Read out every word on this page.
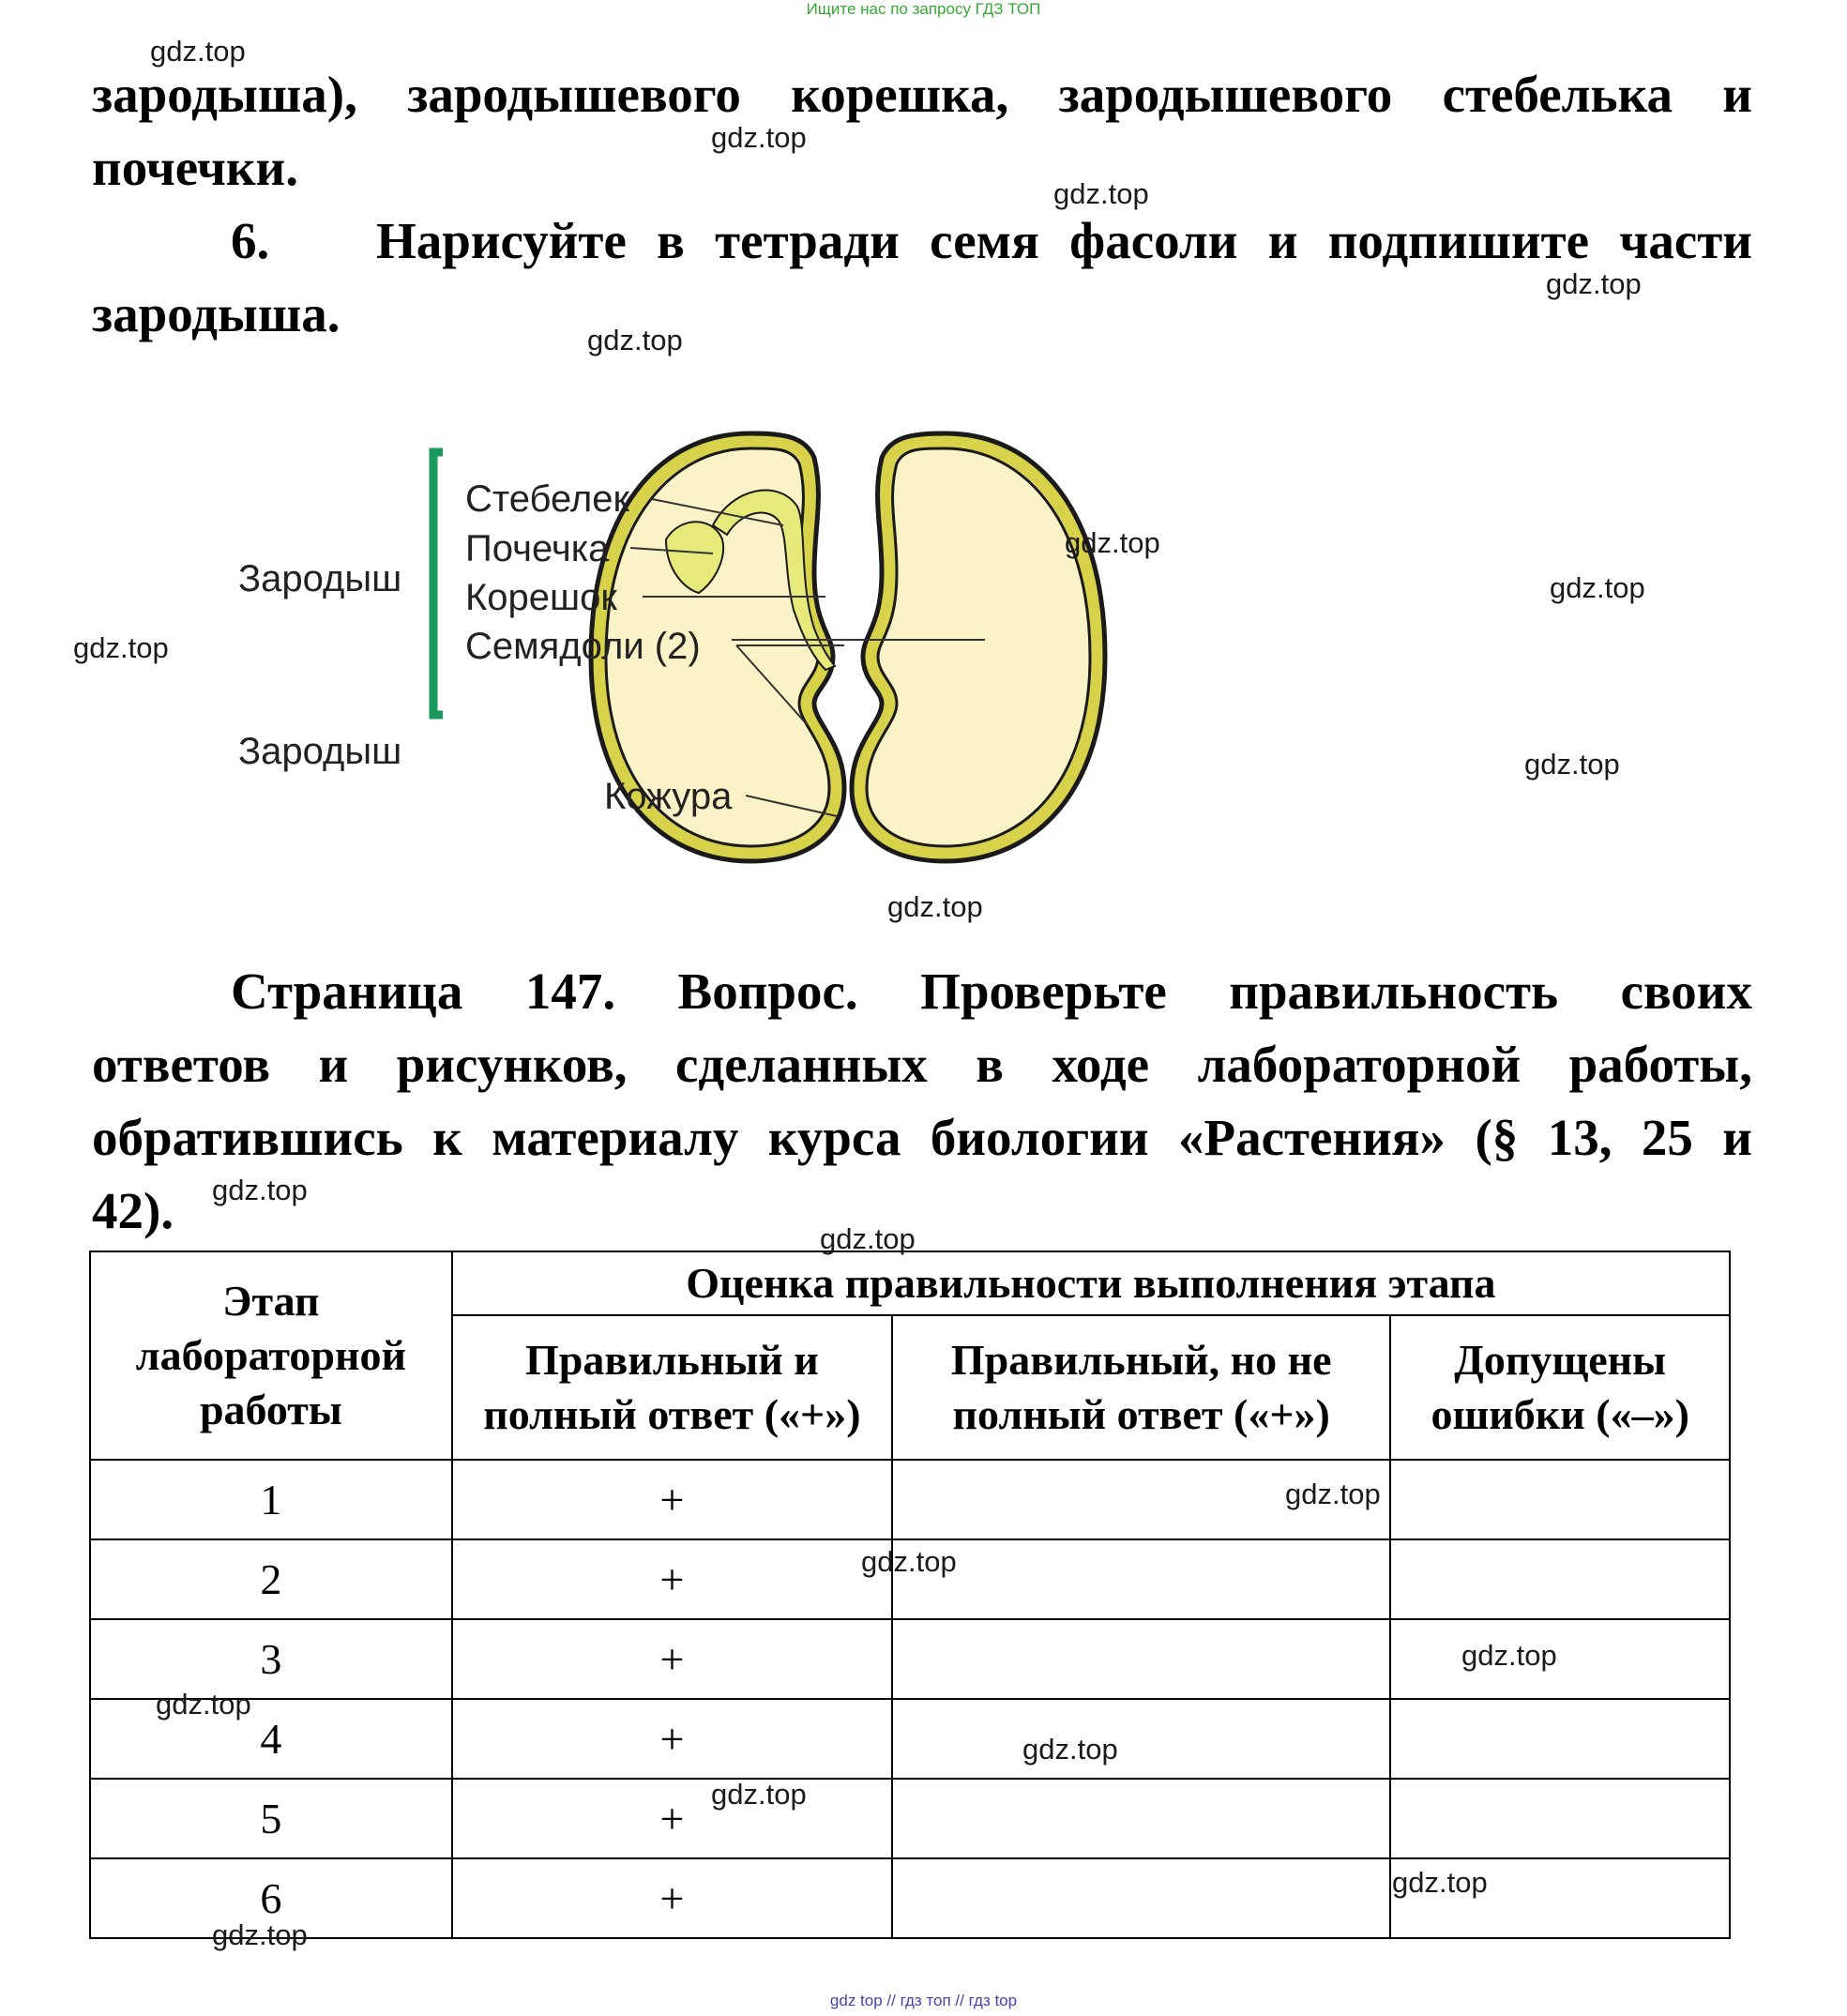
Ищите нас по запросу ГДЗ ТОП

зародыша), зародышевого корешка, зародышевого стебелька и

почечки.

6. Нарисуйте в тетради семя фасоли и подпишите части

зародыша.

Стебелек
Почечка
Корешок
Семядоли (2)
Зародыш
Зародыш
Кожура

Страница 147. Вопрос. Проверьте правильность своих

ответов и рисунков, сделанных в ходе лабораторной работы,

обратившись к материалу курса биологии «Растения» (§ 13, 25 и

42).

Этап лабораторной работы	Оценка правильности выполнения этапа		
	Правильный и полный ответ («+»)	Правильный, но не полный ответ («+»)	Допущены ошибки («–»)
1	+		
2	+		
3	+		
4	+		
5	+		
6	+		
gdz.top
gdz.top
gdz.top
gdz.top
gdz.top
gdz.top
gdz.top
gdz.top
gdz.top
gdz.top
gdz.top
gdz.top
gdz.top
gdz.top
gdz.top
gdz.top
gdz.top
gdz.top
gdz.top
gdz.top
gdz top // гдз топ // гдз top
